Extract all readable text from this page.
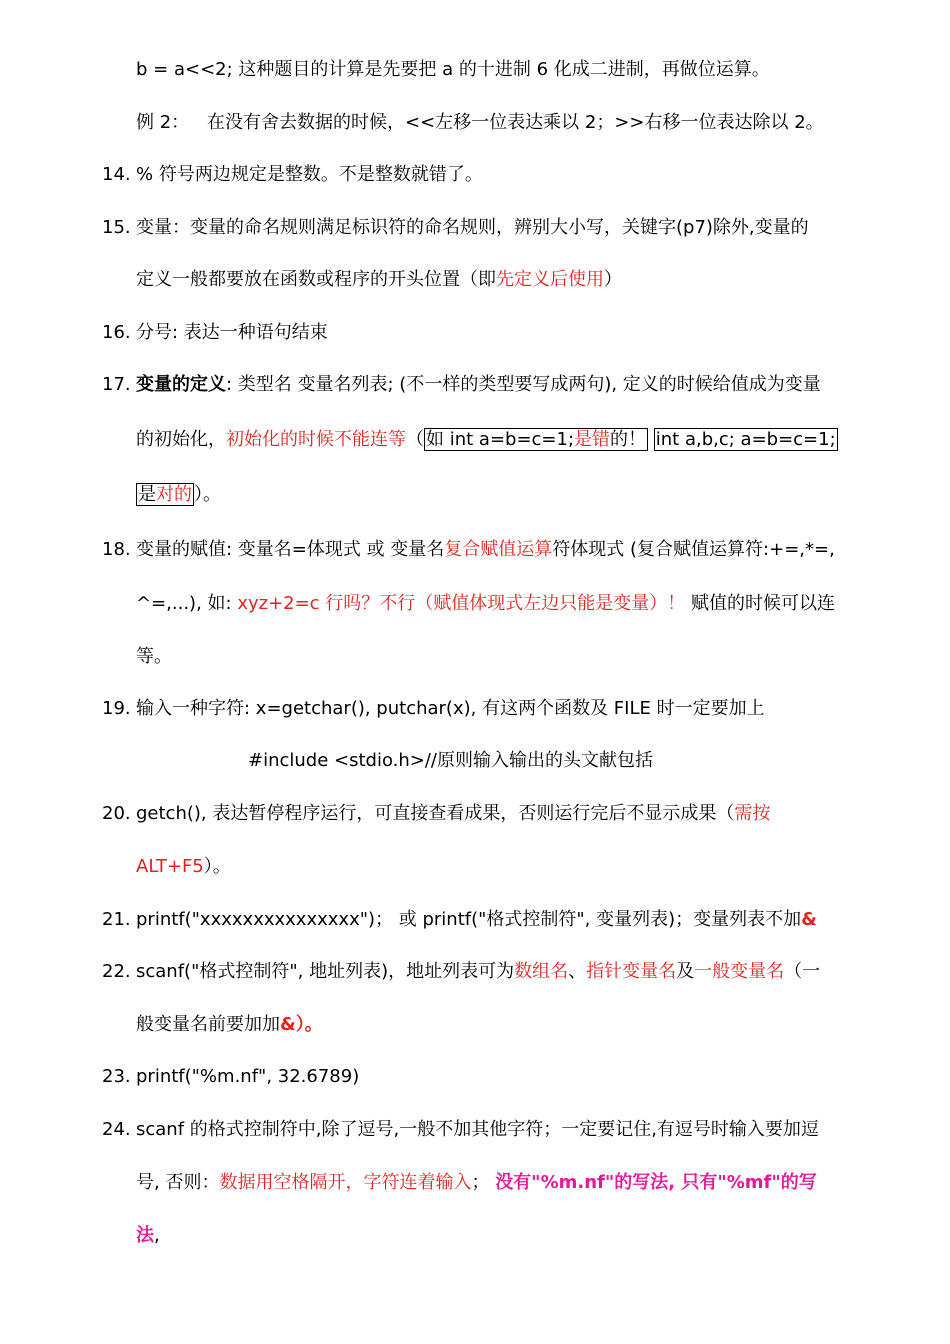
b = a<<2; 这种题目的计算是先要把 a 的十进制 6 化成二进制，再做位运算。
例 2： 在没有舍去数据的时候，<<左移一位表达乘以 2；>>右移一位表达除以 2。
14. % 符号两边规定是整数。不是整数就错了。
15. 变量：变量的命名规则满足标识符的命名规则，辨别大小写，关键字(p7)除外,变量的
定义一般都要放在函数或程序的开头位置（即先定义后使用）
16. 分号: 表达一种语句结束
17. 变量的定义: 类型名 变量名列表; (不一样的类型要写成两句), 定义的时候给值成为变量
的初始化，初始化的时候不能连等（ 如 int a=b=c=1;是错的！ int a,b,c; a=b=c=1;
是对的 ）。
18. 变量的赋值: 变量名=体现式 或 变量名复合赋值运算符体现式 (复合赋值运算符:+=,*=,
^=,...), 如: xyz+2=c 行吗？不行（赋值体现式左边只能是变量）！ 赋值的时候可以连
等。
19. 输入一种字符: x=getchar(), putchar(x), 有这两个函数及 FILE 时一定要加上
#include <stdio.h>//原则输入输出的头文献包括
20. getch(), 表达暂停程序运行，可直接查看成果，否则运行完后不显示成果（需按
ALT+F5）。
21. printf("xxxxxxxxxxxxxxx")； 或 printf("格式控制符", 变量列表)；变量列表不加&
22. scanf("格式控制符", 地址列表)，地址列表可为数组名、指针变量名及一般变量名（一
般变量名前要加加&）。
23. printf("%m.nf", 32.6789)
24. scanf 的格式控制符中,除了逗号,一般不加其他字符；一定要记住,有逗号时输入要加逗
号, 否则：数据用空格隔开，字符连着输入； 没有"%m.nf"的写法, 只有"%mf"的写
法,
